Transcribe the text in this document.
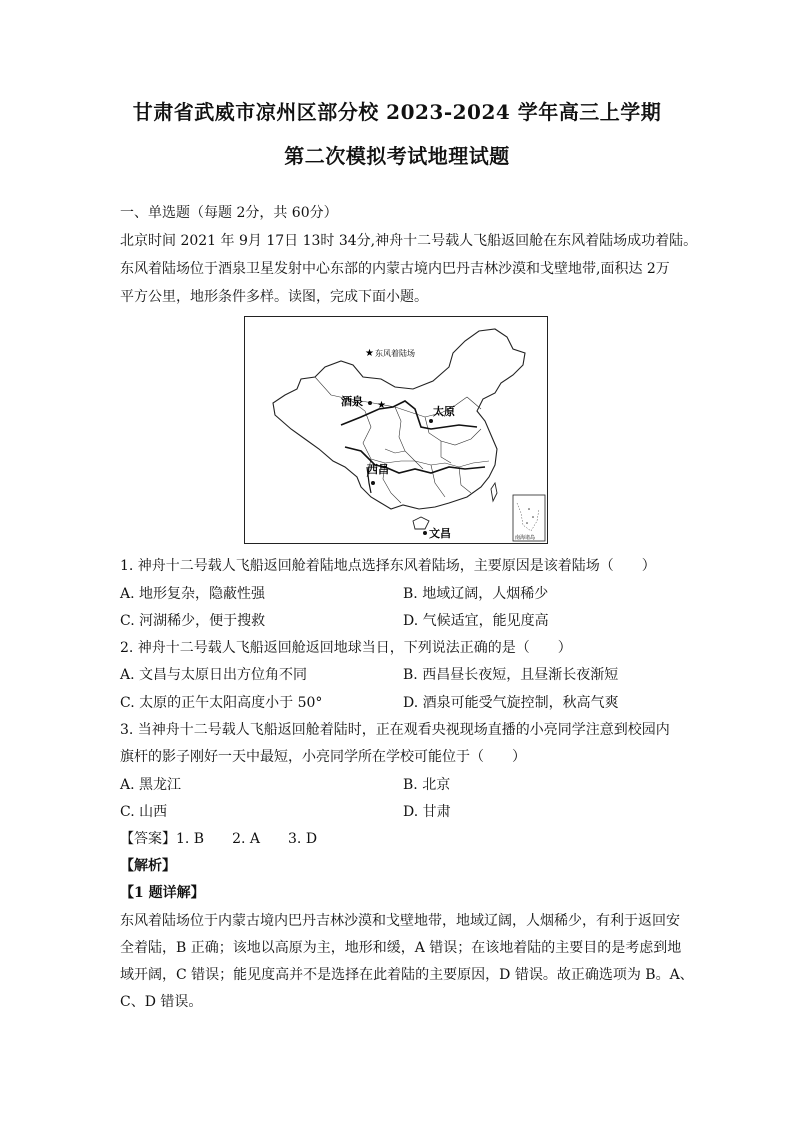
甘肃省武威市凉州区部分校 2023-2024 学年高三上学期
第二次模拟考试地理试题
一、单选题（每题 2分，共 60分）
北京时间 2021 年 9月 17日 13时 34分,神舟十二号载人飞船返回舱在东风着陆场成功着陆。
东风着陆场位于酒泉卫星发射中心东部的内蒙古境内巴丹吉林沙漠和戈壁地带,面积达 2万
平方公里，地形条件多样。读图，完成下面小题。
★ 东风着陆场
★
酒泉
太原
西昌
文昌	南海诸岛
1. 神舟十二号载人飞船返回舱着陆地点选择东风着陆场，主要原因是该着陆场（　　）
A. 地形复杂，隐蔽性强	B. 地域辽阔，人烟稀少
C. 河湖稀少，便于搜救	D. 气候适宜，能见度高
2. 神舟十二号载人飞船返回舱返回地球当日，下列说法正确的是（　　）
A. 文昌与太原日出方位角不同	B. 西昌昼长夜短，且昼渐长夜渐短
C. 太原的正午太阳高度小于 50°	D. 酒泉可能受气旋控制，秋高气爽
3. 当神舟十二号载人飞船返回舱着陆时，正在观看央视现场直播的小亮同学注意到校园内
旗杆的影子刚好一天中最短，小亮同学所在学校可能位于（　　）
A. 黑龙江	B. 北京
C. 山西	D. 甘肃
【答案】1. B　　2. A　　3. D
【解析】
【1 题详解】
东风着陆场位于内蒙古境内巴丹吉林沙漠和戈壁地带，地域辽阔，人烟稀少，有利于返回安
全着陆，B 正确；该地以高原为主，地形和缓，A 错误；在该地着陆的主要目的是考虑到地
域开阔，C 错误；能见度高并不是选择在此着陆的主要原因，D 错误。故正确选项为 B。A、
C、D 错误。
